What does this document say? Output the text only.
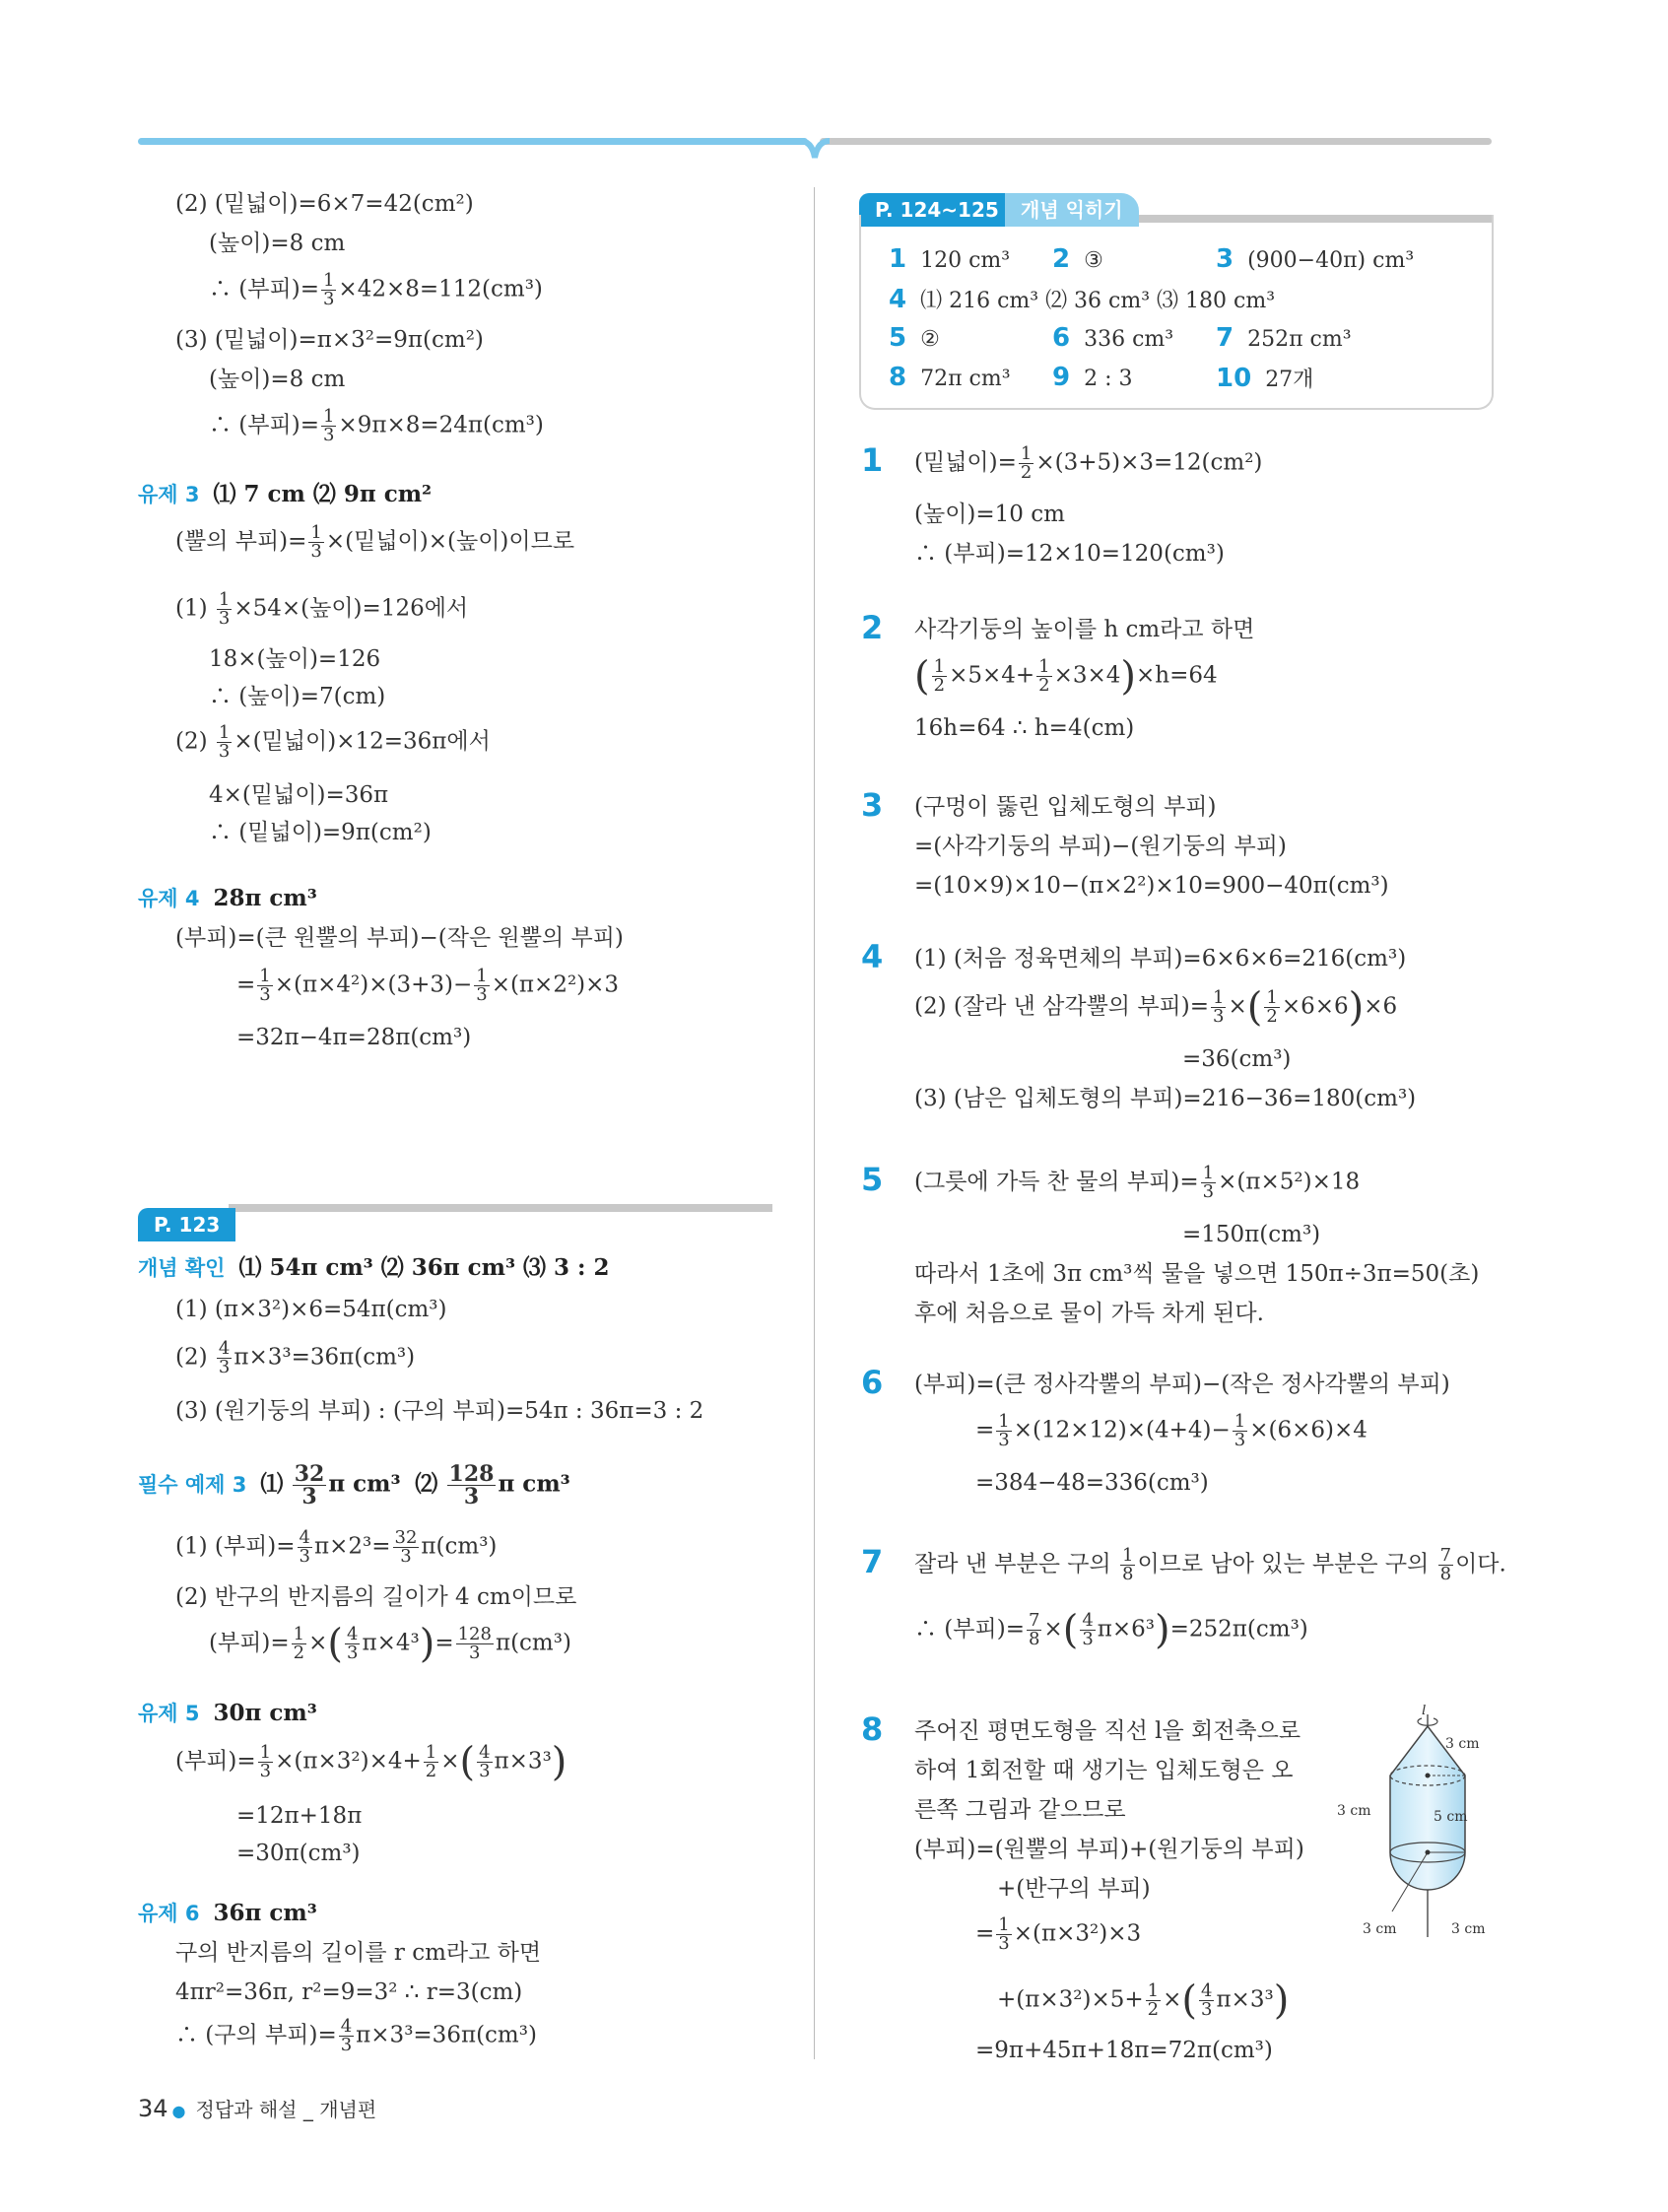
(2) (밑넓이)=6×7=42(cm²)
(높이)=8 cm
∴ (부피)= $\frac{1}{3} \times 42\times 8=112(cm^3)$
(3) (밑넓이)=π×3²=9π(cm²)
(높이)=8 cm
∴ (부피)= $\frac{1}{3} \times 9\pi\times 8=24\pi(cm^3)$
유제 3 ⑴ 7 cm ⑵ 9π cm²
(뿔의 부피)= $\frac{1}{3}$ ×(밑넓이)×(높이)이므로
$(1) \frac{1}{3} \times 54\times$(높이)=126에서
18×(높이)=126
∴ (높이)=7(cm)
$(2) \frac{1}{3}$ ×(밑넓이)×12=36π에서
4×(밑넓이)=36π
∴ (밑넓이)=9π(cm²)
유제 4 28π cm³
(부피)=(큰 원뿔의 부피)−(작은 원뿔의 부피)
= $\frac{1}{3} \times(\pi\times 4^2)\times(3+3)- \frac{1}{3} \times(\pi\times 2^2)\times 3$
=32π−4π=28π(cm³)
P. 123
개념 확인 ⑴ 54π cm³ ⑵ 36π cm³ ⑶ 3 : 2
(1) (π×3²)×6=54π(cm³)
$(2) \frac{4}{3} \pi\times 3^3=36\pi(cm^3)$
(3) (원기둥의 부피) : (구의 부피)=54π : 36π=3 : 2
필수 예제 3 ⑴ $\frac{32}{3}$ π cm³ ⑵ $\frac{128}{3}$ π cm³
(1) (부피)= $\frac{4}{3} \pi\times 2^3= \frac{32}{3} \pi(cm^3)$
(2) 반구의 반지름의 길이가 4 cm이므로
(부피)= $\frac{1}{2}$ ×( $\frac{4}{3} \pi\times 4^3)= \frac{128}{3} \pi(cm^3)$
유제 5 30π cm³
(부피)= $\frac{1}{3} \times(\pi\times 3^2)\times 4+ \frac{1}{2}$ ×( $\frac{4}{3} \pi\times 3^3$)
=12π+18π
=30π(cm³)
유제 6 36π cm³
구의 반지름의 길이를 r cm라고 하면
4πr²=36π, r²=9=3² ∴ r=3(cm)
∴ (구의 부피)= $\frac{4}{3} \pi\times 3^3=36\pi(cm^3)$
P. 124~125	개념 익히기
1 120 cm³ 2 ③	3 (900−40π) cm³
4 ⑴ 216 cm³ ⑵ 36 cm³ ⑶ 180 cm³
5 ②	6 336 cm³ 7 252π cm³
8 72π cm³ 9 2 : 3	10 27개
1 (밑넓이)= $\frac{1}{2} \times(3+5)\times 3=12(cm^2)$
(높이)=10 cm
∴ (부피)=12×10=120(cm³)
2 사각기둥의 높이를 h cm라고 하면
( $\frac{1}{2} \times 5\times 4+ \frac{1}{2} \times 3\times 4)\times h=64$
16h=64 ∴ h=4(cm)
3 (구멍이 뚫린 입체도형의 부피)
=(사각기둥의 부피)−(원기둥의 부피)
=(10×9)×10−(π×2²)×10=900−40π(cm³)
4 (1) (처음 정육면체의 부피)=6×6×6=216(cm³)
(2) (잘라 낸 삼각뿔의 부피)= $\frac{1}{3}$ ×( $\frac{1}{2} \times 6\times 6)\times 6$
=36(cm³)
(3) (남은 입체도형의 부피)=216−36=180(cm³)
5 (그릇에 가득 찬 물의 부피)= $\frac{1}{3} \times(\pi\times 5^2)\times 18$
=150π(cm³)
따라서 1초에 3π cm³씩 물을 넣으면 150π÷3π=50(초)
후에 처음으로 물이 가득 차게 된다.
6 (부피)=(큰 정사각뿔의 부피)−(작은 정사각뿔의 부피)
= $\frac{1}{3} \times(12\times 12)\times(4+4)- \frac{1}{3} \times(6\times 6)\times 4$
=384−48=336(cm³)
7 잘라 낸 부분은 구의 $\frac{1}{8}$ 이므로 남아 있는 부분은 구의 $\frac{7}{8}$ 이다.
∴ (부피)= $\frac{7}{8}$ ×( $\frac{4}{3} \pi\times 6^3)=252\pi(cm^3)$
8 주어진 평면도형을 직선 l을 회전축으로
하여 1회전할 때 생기는 입체도형은 오
른쪽 그림과 같으므로
(부피)=(원뿔의 부피)+(원기둥의 부피)
+(반구의 부피)
= $\frac{1}{3} \times(\pi\times 3^2)\times 3$
$+(\pi\times 3^2)\times 5+ \frac{1}{2}$ ×( $\frac{4}{3} \pi\times 3^3$)
=9π+45π+18π=72π(cm³)
l
3 cm
3 cm	5 cm
3 cm	3 cm
34 ● 정답과 해설 _ 개념편
